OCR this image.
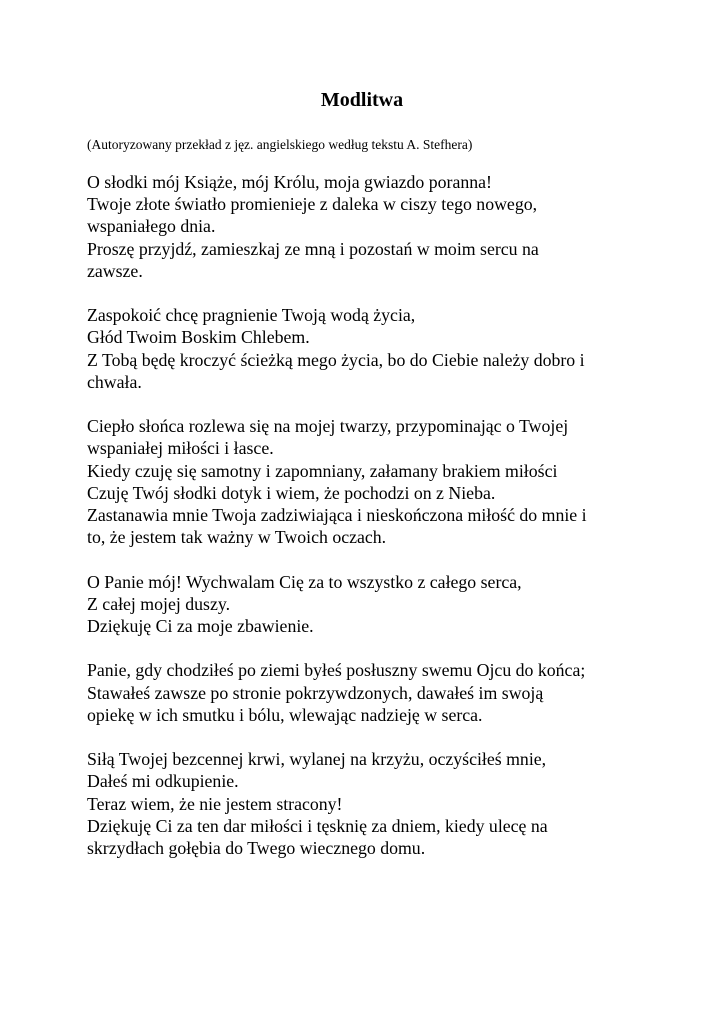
Modlitwa
(Autoryzowany przekład z jęz. angielskiego według tekstu A. Stefhera)
O słodki mój Książe, mój Królu, moja gwiazdo poranna!
Twoje złote światło promienieje z daleka w ciszy tego nowego,
wspaniałego dnia.
Proszę przyjdź, zamieszkaj ze mną i pozostań w moim sercu na
zawsze.
Zaspokoić chcę pragnienie Twoją wodą życia,
Głód Twoim Boskim Chlebem.
Z Tobą będę kroczyć ścieżką mego życia, bo do Ciebie należy dobro i
chwała.
Ciepło słońca rozlewa się na mojej twarzy, przypominając o Twojej
wspaniałej miłości i łasce.
Kiedy czuję się samotny i zapomniany, załamany brakiem miłości
Czuję Twój słodki dotyk i wiem, że pochodzi on z Nieba.
Zastanawia mnie Twoja zadziwiająca i nieskończona miłość do mnie i
to, że jestem tak ważny w Twoich oczach.
O Panie mój! Wychwalam Cię za to wszystko z całego serca,
Z całej mojej duszy.
Dziękuję Ci za moje zbawienie.
Panie, gdy chodziłeś po ziemi byłeś posłuszny swemu Ojcu do końca;
Stawałeś zawsze po stronie pokrzywdzonych, dawałeś im swoją
opiekę w ich smutku i bólu, wlewając nadzieję w serca.
Siłą Twojej bezcennej krwi, wylanej na krzyżu, oczyściłeś mnie,
Dałeś mi odkupienie.
Teraz wiem, że nie jestem stracony!
Dziękuję Ci za ten dar miłości i tęsknię za dniem, kiedy ulecę na
skrzydłach gołębia do Twego wiecznego domu.
